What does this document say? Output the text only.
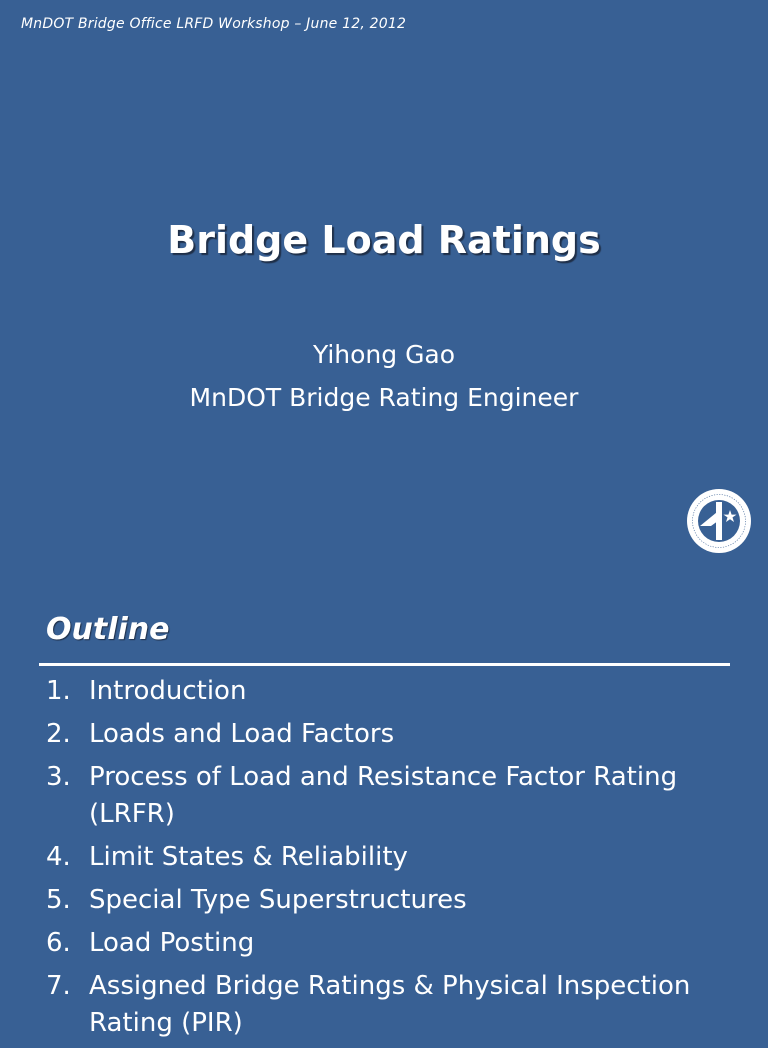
MnDOT Bridge Office LRFD Workshop – June 12, 2012
Bridge Load Ratings
Yihong Gao
MnDOT Bridge Rating Engineer
Outline
1. Introduction
2. Loads and Load Factors
3. Process of Load and Resistance Factor Rating (LRFR)
4. Limit States & Reliability
5. Special Type Superstructures
6. Load Posting
7. Assigned Bridge Ratings & Physical Inspection Rating (PIR)
